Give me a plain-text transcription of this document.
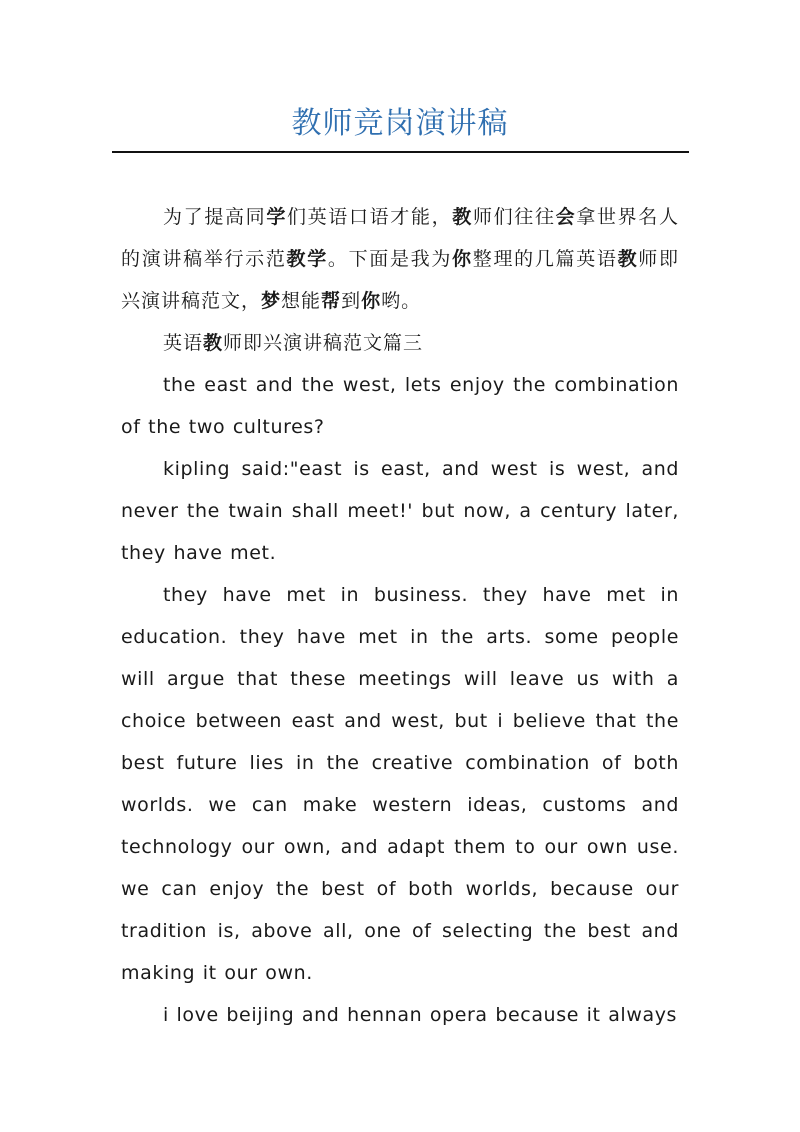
教师竞岗演讲稿

为了提高同学们英语口语才能，教师们往往会拿世界名人的演讲稿举行示范教学。下面是我为你整理的几篇英语教师即兴演讲稿范文，梦想能帮到你哟。

英语教师即兴演讲稿范文篇三

the east and the west, lets enjoy the combination of the two cultures?

kipling said:"east is east, and west is west, and never the twain shall meet!' but now, a century later, they have met.

they have met in business. they have met in education. they have met in the arts. some people will argue that these meetings will leave us with a choice between east and west, but i believe that the best future lies in the creative combination of both worlds. we can make western ideas, customs and technology our own, and adapt them to our own use. we can enjoy the best of both worlds, because our tradition is, above all, one of selecting the best and making it our own.

i love beijing and hennan opera because it always
